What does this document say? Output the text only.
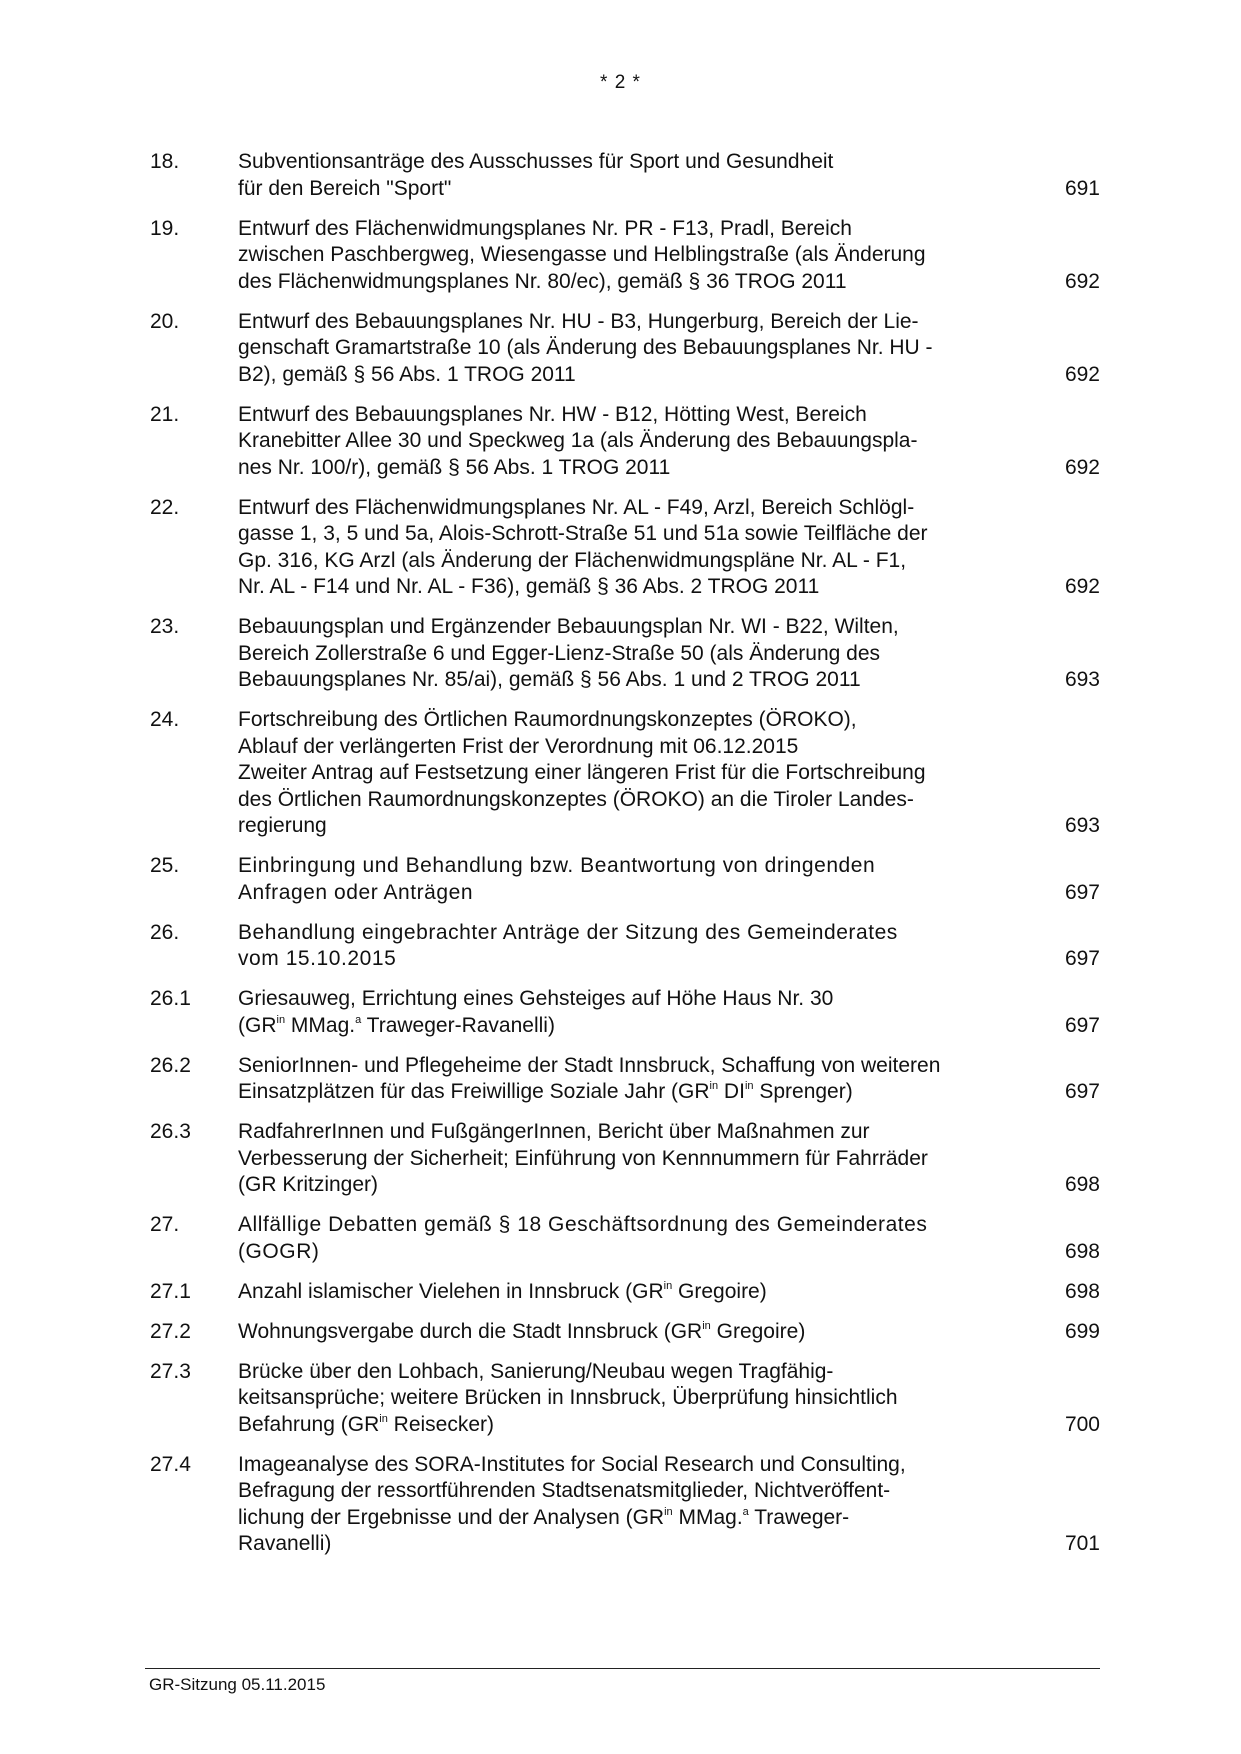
* 2 *
18.	Subventionsanträge des Ausschusses für Sport und Gesundheit
für den Bereich "Sport"	691
19.	Entwurf des Flächenwidmungsplanes Nr. PR - F13, Pradl, Bereich
zwischen Paschbergweg, Wiesengasse und Helblingstraße (als Änderung
des Flächenwidmungsplanes Nr. 80/ec), gemäß § 36 TROG 2011	692
20.	Entwurf des Bebauungsplanes Nr. HU - B3, Hungerburg, Bereich der Lie-
genschaft Gramartstraße 10 (als Änderung des Bebauungsplanes Nr. HU -
B2), gemäß § 56 Abs. 1 TROG 2011	692
21.	Entwurf des Bebauungsplanes Nr. HW - B12, Hötting West, Bereich
Kranebitter Allee 30 und Speckweg 1a (als Änderung des Bebauungspla-
nes Nr. 100/r), gemäß § 56 Abs. 1 TROG 2011	692
22.	Entwurf des Flächenwidmungsplanes Nr. AL - F49, Arzl, Bereich Schlögl-
gasse 1, 3, 5 und 5a, Alois-Schrott-Straße 51 und 51a sowie Teilfläche der
Gp. 316, KG Arzl (als Änderung der Flächenwidmungspläne Nr. AL - F1,
Nr. AL - F14 und Nr. AL - F36), gemäß § 36 Abs. 2 TROG 2011	692
23.	Bebauungsplan und Ergänzender Bebauungsplan Nr. WI - B22, Wilten,
Bereich Zollerstraße 6 und Egger-Lienz-Straße 50 (als Änderung des
Bebauungsplanes Nr. 85/ai), gemäß § 56 Abs. 1 und 2 TROG 2011	693
24.	Fortschreibung des Örtlichen Raumordnungskonzeptes (ÖROKO),
Ablauf der verlängerten Frist der Verordnung mit 06.12.2015
Zweiter Antrag auf Festsetzung einer längeren Frist für die Fortschreibung
des Örtlichen Raumordnungskonzeptes (ÖROKO) an die Tiroler Landes-
regierung	693
25.	Einbringung und Behandlung bzw. Beantwortung von dringenden
Anfragen oder Anträgen	697
26.	Behandlung eingebrachter Anträge der Sitzung des Gemeinderates
vom 15.10.2015	697
26.1 Griesauweg, Errichtung eines Gehsteiges auf Höhe Haus Nr. 30
($GR^{in}$ MMag.$^a$ Traweger-Ravanelli)	697
26.2 SeniorInnen- und Pflegeheime der Stadt Innsbruck, Schaffung von weiteren
Einsatzplätzen für das Freiwillige Soziale Jahr ($GR^{in}$ $DI^{in}$ Sprenger)	697
26.3 RadfahrerInnen und FußgängerInnen, Bericht über Maßnahmen zur
Verbesserung der Sicherheit; Einführung von Kennnummern für Fahrräder
(GR Kritzinger)	698
27.	Allfällige Debatten gemäß § 18 Geschäftsordnung des Gemeinderates
(GOGR)	698
27.1 Anzahl islamischer Vielehen in Innsbruck ($GR^{in}$ Gregoire)	698
27.2 Wohnungsvergabe durch die Stadt Innsbruck ($GR^{in}$ Gregoire)	699
27.3 Brücke über den Lohbach, Sanierung/Neubau wegen Tragfähig-
keitsansprüche; weitere Brücken in Innsbruck, Überprüfung hinsichtlich
Befahrung ($GR^{in}$ Reisecker)	700
27.4 Imageanalyse des SORA-Institutes for Social Research und Consulting,
Befragung der ressortführenden Stadtsenatsmitglieder, Nichtveröffent-
lichung der Ergebnisse und der Analysen ($GR^{in}$ MMag.$^a$ Traweger-
Ravanelli)	701
GR-Sitzung 05.11.2015
